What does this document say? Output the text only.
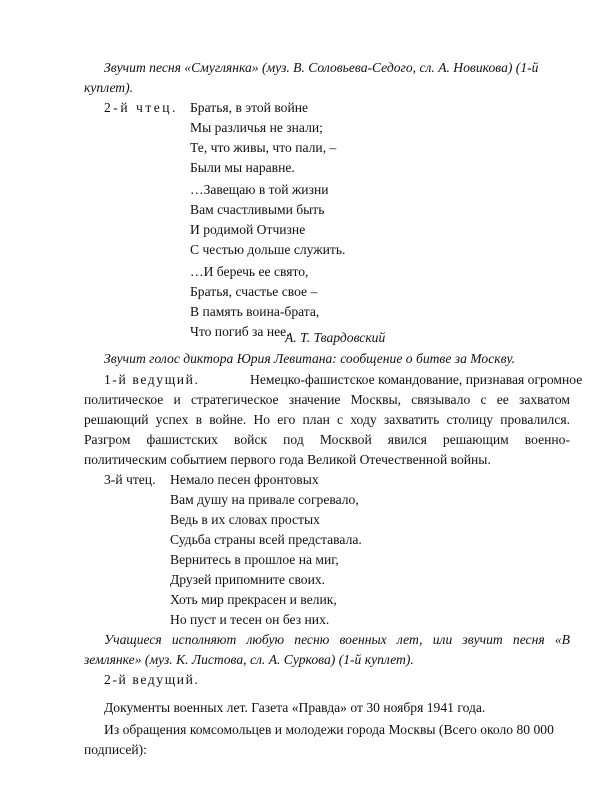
Звучит песня «Смуглянка» (муз. В. Соловьева-Седого, сл. А. Новикова) (1-й
куплет).
2-й чтец. Братья, в этой войне
Мы различья не знали;
Те, что живы, что пали, –
Были мы наравне.
…Завещаю в той жизни
Вам счастливыми быть
И родимой Отчизне
С честью дольше служить.
…И беречь ее свято,
Братья, счастье свое –
В память воина-брата,
Что погиб за нее.
А. Т. Твардовский
Звучит голос диктора Юрия Левитана: сообщение о битве за Москву.
1-й ведущий.	Немецко-фашистское командование, признавая огромное
политическое и стратегическое значение Москвы, связывало с ее захватом
решающий успех в войне. Но его план с ходу захватить столицу провалился.
Разгром фашистских войск под Москвой явился решающим военно-
политическим событием первого года Великой Отечественной войны.
3-й чтец. Немало песен фронтовых
Вам душу на привале согревало,
Ведь в их словах простых
Судьба страны всей представала.
Вернитесь в прошлое на миг,
Друзей припомните своих.
Хоть мир прекрасен и велик,
Но пуст и тесен он без них.
Учащиеся исполняют любую песню военных лет, или звучит песня «В
землянке» (муз. К. Листова, сл. А. Суркова) (1-й куплет).
2-й ведущий.
Документы военных лет. Газета «Правда» от 30 ноября 1941 года.
Из обращения комсомольцев и молодежи города Москвы (Всего около 80 000
подписей):
